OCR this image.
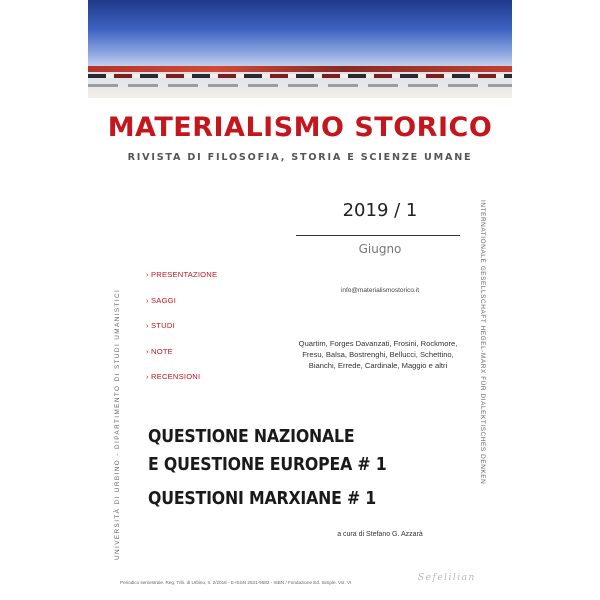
MATERIALISMO STORICO
RIVISTA DI FILOSOFIA, STORIA E SCIENZE UMANE
2019 / 1
Giugno
info@materialismostorico.it
› PRESENTAZIONE
› SAGGI
› STUDI
› NOTE
› RECENSIONI
Quartim, Forges Davanzati, Frosini, Rockmore, Fresu, Balsa, Bostrenghi, Bellucci, Schettino, Bianchi, Errede, Cardinale, Maggio e altri
UNIVERSITÀ DI URBINO - DIPARTIMENTO DI STUDI UMANISTICI	INTERNATIONALE GESELLSCHAFT HEGEL-MARX FÜR DIALEKTISCHES DENKEN
QUESTIONE NAZIONALE
E QUESTIONE EUROPEA # 1
QUESTIONI MARXIANE # 1
a cura di Stefano G. Azzarà
Periodico semestrale. Reg. Trib. di Urbino, n. 2/2016 - E-ISSN 2531-9582 - ISBN / Fondazione Ed. Simple. Vol. VI	Sefelilian
